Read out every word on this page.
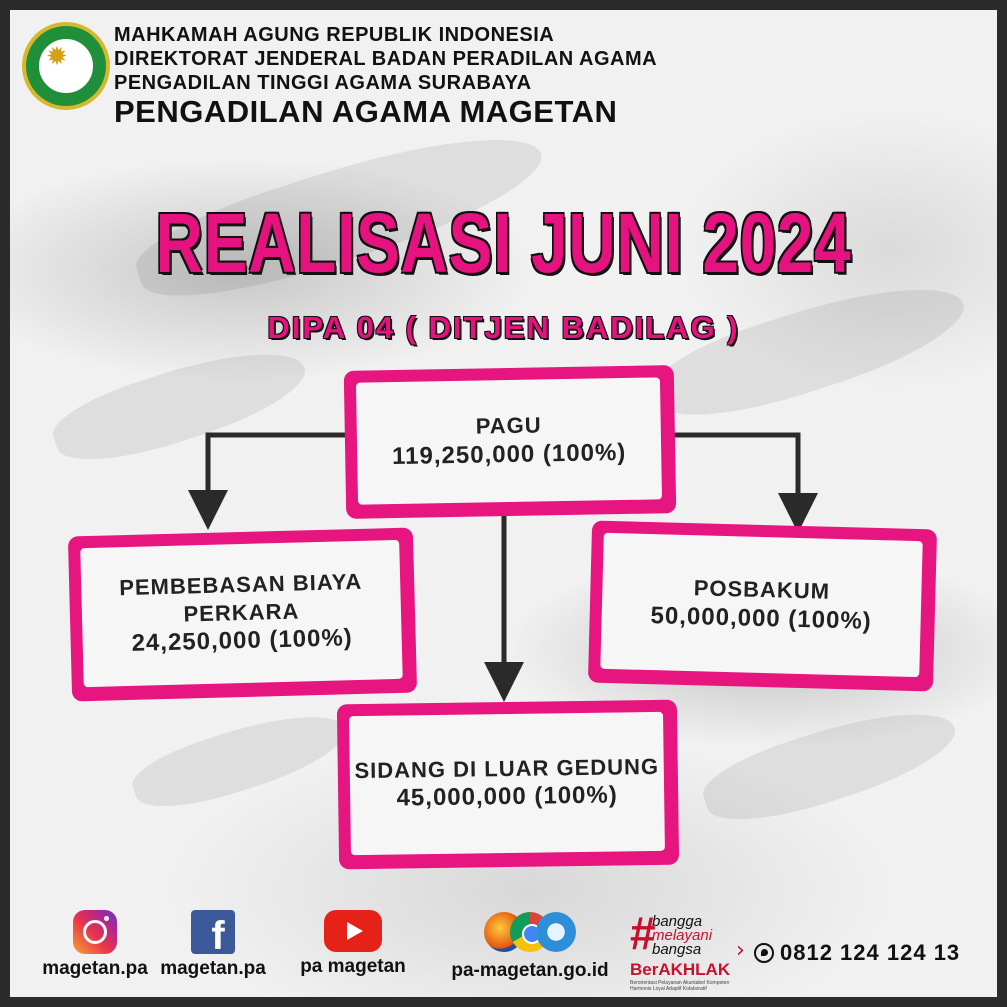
✹

MAHKAMAH AGUNG REPUBLIK INDONESIA

DIREKTORAT JENDERAL BADAN PERADILAN AGAMA

PENGADILAN TINGGI AGAMA SURABAYA

PENGADILAN AGAMA MAGETAN

REALISASI JUNI 2024
DIPA 04 ( DITJEN BADILAG )
PAGU
119,250,000 (100%)
PEMBEBASAN BIAYA
PERKARA
24,250,000 (100%)
POSBAKUM
50,000,000 (100%)
SIDANG DI LUAR GEDUNG
45,000,000 (100%)
magetan.pa
f
magetan.pa	pa magetan	pa-magetan.go.id
#
bangga
melayani
bangsa
BerAKHLAK
Berorientasi Pelayanan Akuntabel Kompeten Harmonis Loyal Adaptif Kolaboratif
› 0812 124 124 13
